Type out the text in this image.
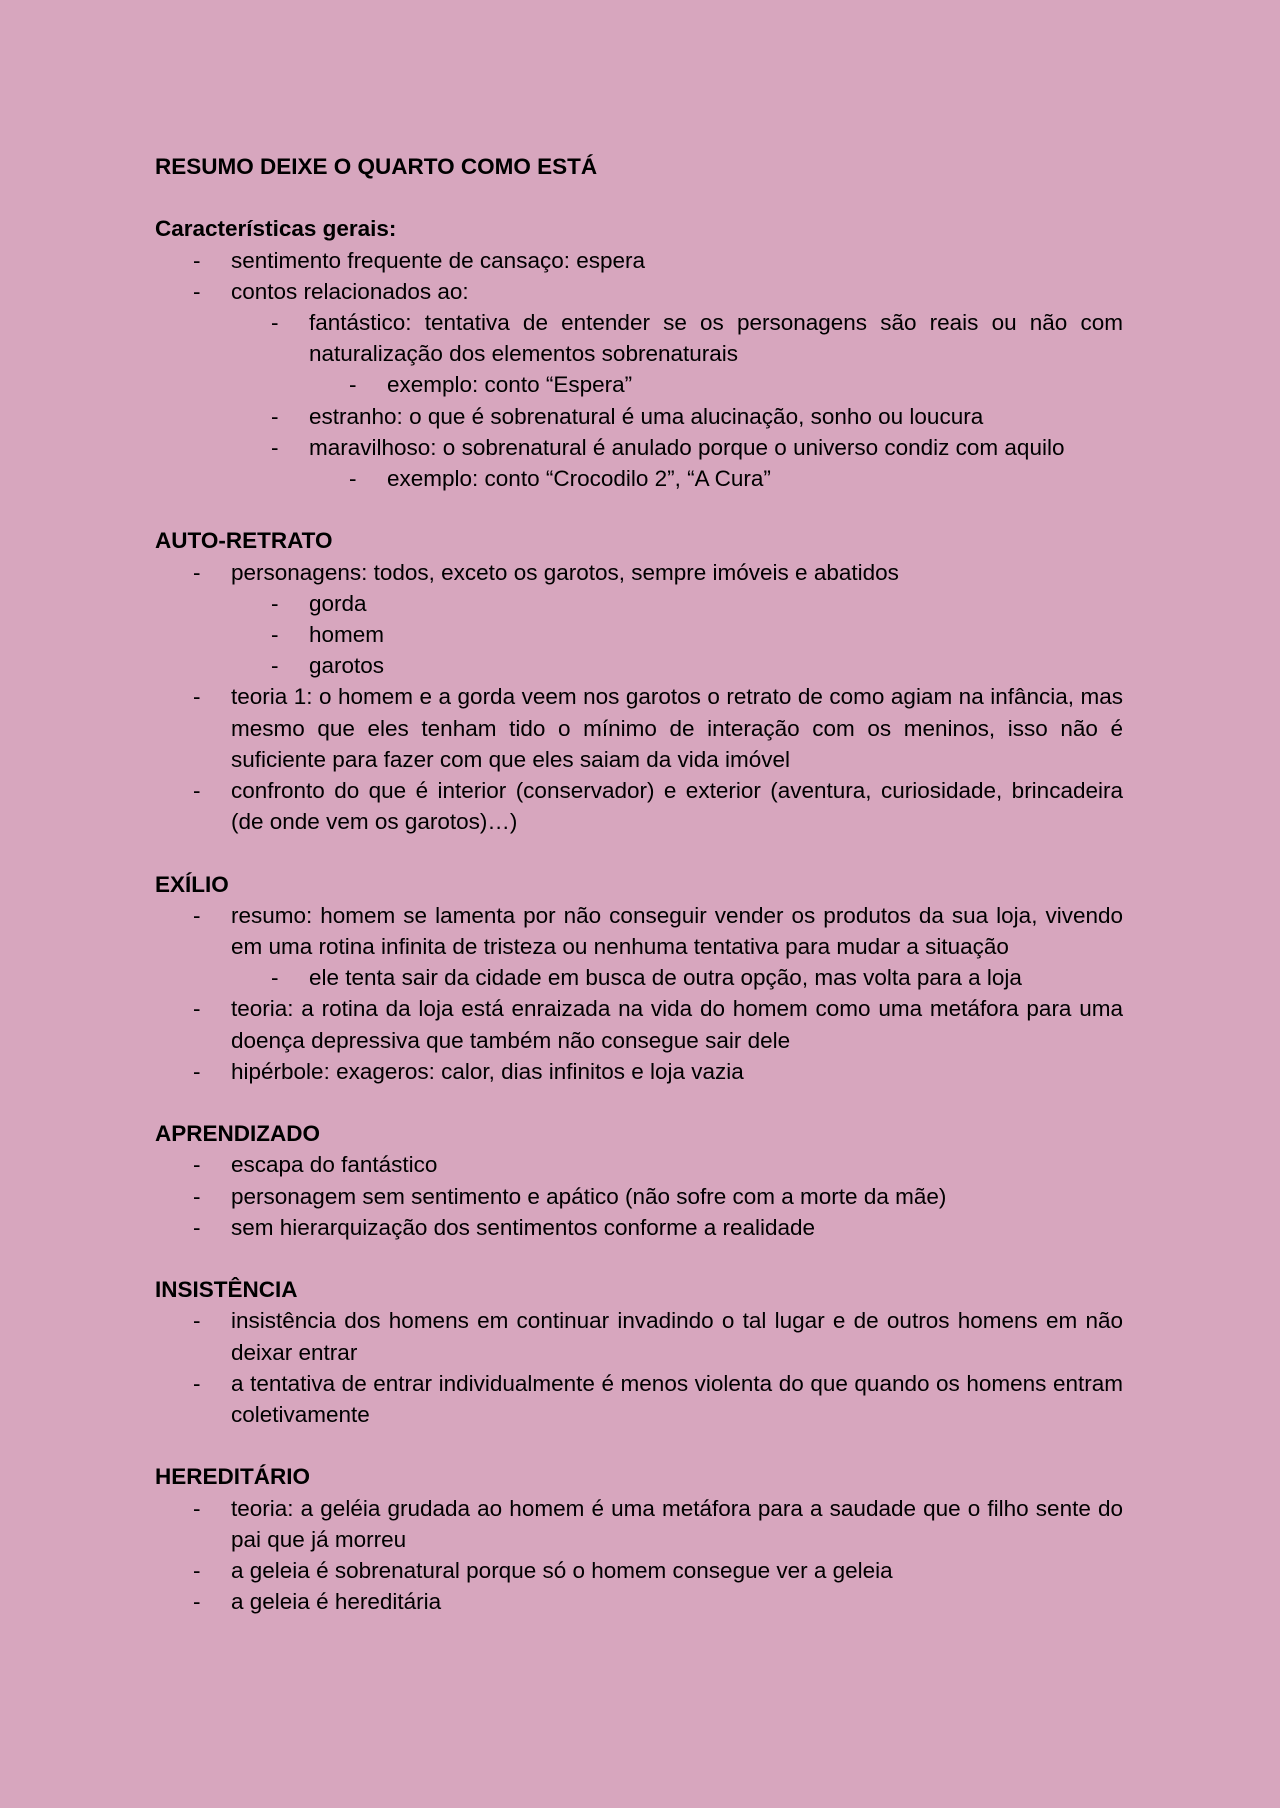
RESUMO DEIXE O QUARTO COMO ESTÁ
Características gerais:
- sentimento frequente de cansaço: espera
- contos relacionados ao:
- fantástico: tentativa de entender se os personagens são reais ou não com naturalização dos elementos sobrenaturais
- exemplo: conto “Espera”
- estranho: o que é sobrenatural é uma alucinação, sonho ou loucura
- maravilhoso: o sobrenatural é anulado porque o universo condiz com aquilo
- exemplo: conto “Crocodilo 2”, “A Cura”
AUTO-RETRATO
- personagens: todos, exceto os garotos, sempre imóveis e abatidos
- gorda
- homem
- garotos
- teoria 1: o homem e a gorda veem nos garotos o retrato de como agiam na infância, mas mesmo que eles tenham tido o mínimo de interação com os meninos, isso não é suficiente para fazer com que eles saiam da vida imóvel
- confronto do que é interior (conservador) e exterior (aventura, curiosidade, brincadeira (de onde vem os garotos)…)
EXÍLIO
- resumo: homem se lamenta por não conseguir vender os produtos da sua loja, vivendo em uma rotina infinita de tristeza ou nenhuma tentativa para mudar a situação
- ele tenta sair da cidade em busca de outra opção, mas volta para a loja
- teoria: a rotina da loja está enraizada na vida do homem como uma metáfora para uma doença depressiva que também não consegue sair dele
- hipérbole: exageros: calor, dias infinitos e loja vazia
APRENDIZADO
- escapa do fantástico
- personagem sem sentimento e apático (não sofre com a morte da mãe)
- sem hierarquização dos sentimentos conforme a realidade
INSISTÊNCIA
- insistência dos homens em continuar invadindo o tal lugar e de outros homens em não deixar entrar
- a tentativa de entrar individualmente é menos violenta do que quando os homens entram coletivamente
HEREDITÁRIO
- teoria: a geléia grudada ao homem é uma metáfora para a saudade que o filho sente do pai que já morreu
- a geleia é sobrenatural porque só o homem consegue ver a geleia
- a geleia é hereditária
